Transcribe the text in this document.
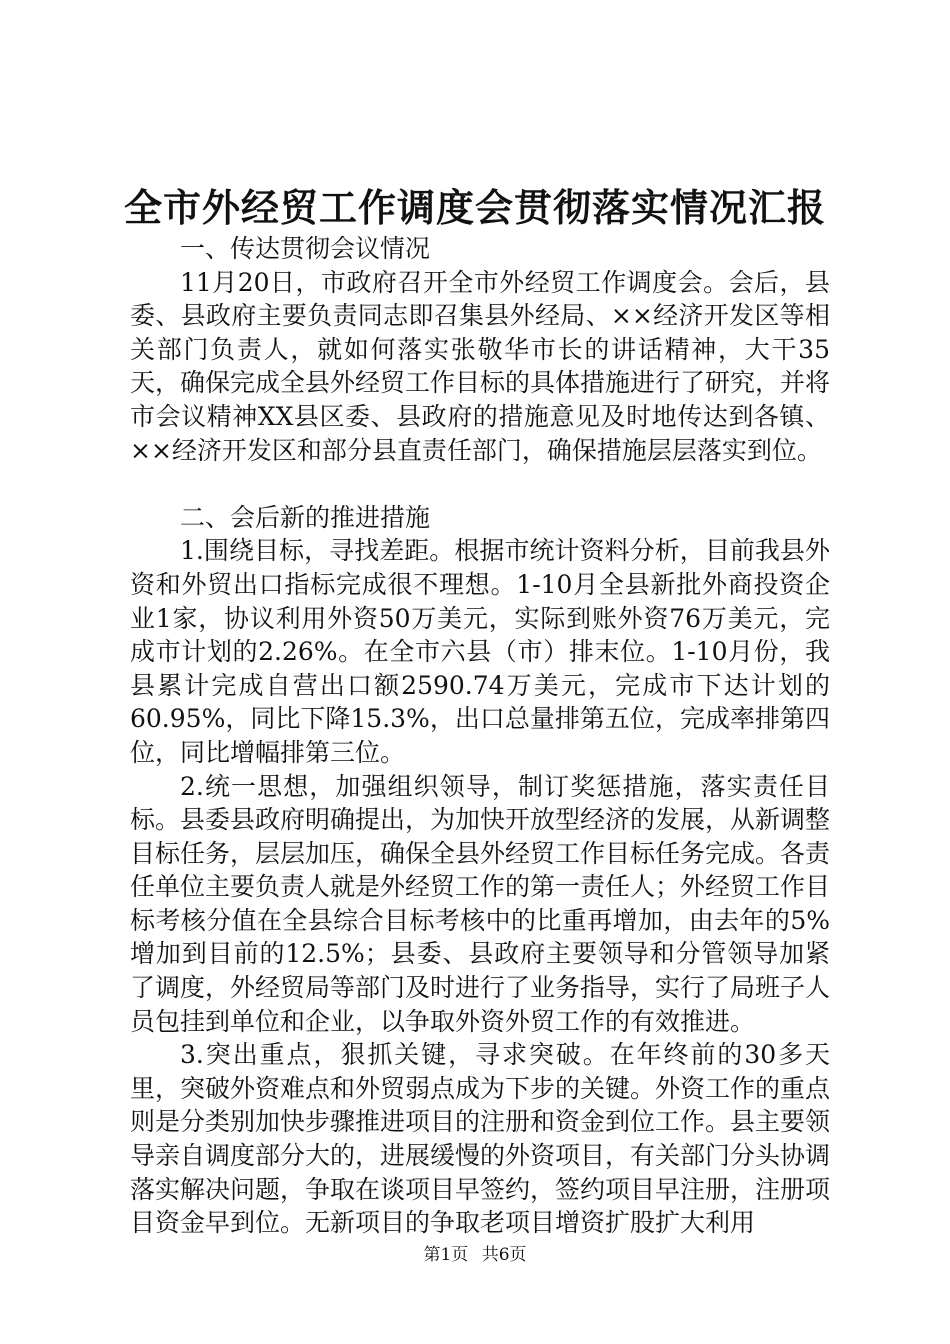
全市外经贸工作调度会贯彻落实情况汇报

一、传达贯彻会议情况

11月20日，市政府召开全市外经贸工作调度会。会后，县委、县政府主要负责同志即召集县外经局、××经济开发区等相关部门负责人，就如何落实张敬华市长的讲话精神，大干35天，确保完成全县外经贸工作目标的具体措施进行了研究，并将市会议精神XX县区委、县政府的措施意见及时地传达到各镇、××经济开发区和部分县直责任部门，确保措施层层落实到位。

二、会后新的推进措施

1.围绕目标，寻找差距。根据市统计资料分析，目前我县外资和外贸出口指标完成很不理想。1-10月全县新批外商投资企业1家，协议利用外资50万美元，实际到账外资76万美元，完成市计划的2.26%。在全市六县（市）排末位。1-10月份，我县累计完成自营出口额2590.74万美元，完成市下达计划的60.95%，同比下降15.3%，出口总量排第五位，完成率排第四位，同比增幅排第三位。

2.统一思想，加强组织领导，制订奖惩措施，落实责任目标。县委县政府明确提出，为加快开放型经济的发展，从新调整目标任务，层层加压，确保全县外经贸工作目标任务完成。各责任单位主要负责人就是外经贸工作的第一责任人；外经贸工作目标考核分值在全县综合目标考核中的比重再增加，由去年的5%增加到目前的12.5%；县委、县政府主要领导和分管领导加紧了调度，外经贸局等部门及时进行了业务指导，实行了局班子人员包挂到单位和企业，以争取外资外贸工作的有效推进。

3.突出重点，狠抓关键，寻求突破。在年终前的30多天里，突破外资难点和外贸弱点成为下步的关键。外资工作的重点则是分类别加快步骤推进项目的注册和资金到位工作。县主要领导亲自调度部分大的，进展缓慢的外资项目，有关部门分头协调落实解决问题，争取在谈项目早签约，签约项目早注册，注册项目资金早到位。无新项目的争取老项目增资扩股扩大利用

第1页 共6页
